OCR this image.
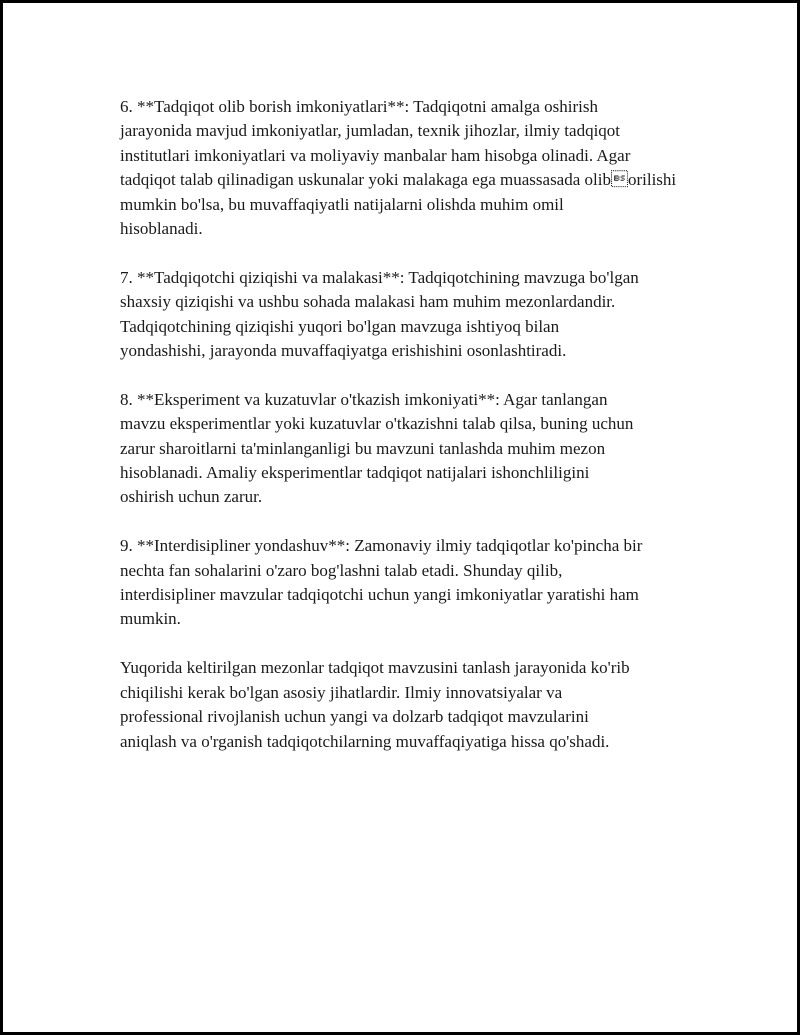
6. **Tadqiqot olib borish imkoniyatlari**: Tadqiqotni amalga oshirish
jarayonida mavjud imkoniyatlar, jumladan, texnik jihozlar, ilmiy tadqiqot
institutlari imkoniyatlari va moliyaviy manbalar ham hisobga olinadi. Agar
tadqiqot talab qilinadigan uskunalar yoki malakaga ega muassasada oliborilishi mumkin bo'lsa, bu muvaffaqiyatli natijalarni olishda muhim omil
hisoblanadi.

7. **Tadqiqotchi qiziqishi va malakasi**: Tadqiqotchining mavzuga bo'lgan
shaxsiy qiziqishi va ushbu sohada malakasi ham muhim mezonlardandir.
Tadqiqotchining qiziqishi yuqori bo'lgan mavzuga ishtiyoq bilan
yondashishi, jarayonda muvaffaqiyatga erishishini osonlashtiradi.

8. **Eksperiment va kuzatuvlar o'tkazish imkoniyati**: Agar tanlangan
mavzu eksperimentlar yoki kuzatuvlar o'tkazishni talab qilsa, buning uchun
zarur sharoitlarni ta'minlanganligi bu mavzuni tanlashda muhim mezon
hisoblanadi. Amaliy eksperimentlar tadqiqot natijalari ishonchliligini
oshirish uchun zarur.

9. **Interdisipliner yondashuv**: Zamonaviy ilmiy tadqiqotlar ko'pincha bir
nechta fan sohalarini o'zaro bog'lashni talab etadi. Shunday qilib,
interdisipliner mavzular tadqiqotchi uchun yangi imkoniyatlar yaratishi ham
mumkin.

Yuqorida keltirilgan mezonlar tadqiqot mavzusini tanlash jarayonida ko'rib
chiqilishi kerak bo'lgan asosiy jihatlardir. Ilmiy innovatsiyalar va
professional rivojlanish uchun yangi va dolzarb tadqiqot mavzularini
aniqlash va o'rganish tadqiqotchilarning muvaffaqiyatiga hissa qo'shadi.
